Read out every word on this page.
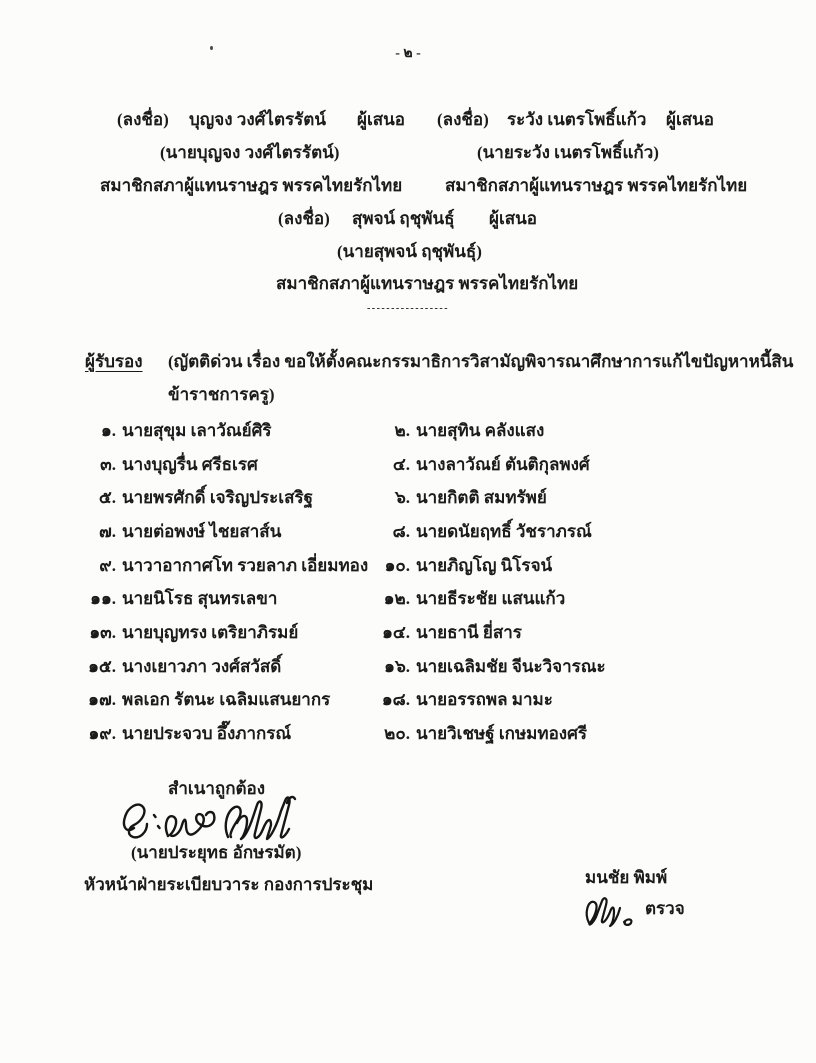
- ๒ -
(ลงชื่อ) บุญจง วงศ์ไตรรัตน์ ผู้เสนอ (ลงชื่อ) ระวัง เนตรโพธิ์แก้ว ผู้เสนอ
(นายบุญจง วงศ์ไตรรัตน์)	(นายระวัง เนตรโพธิ์แก้ว)
สมาชิกสภาผู้แทนราษฎร พรรคไทยรักไทย	สมาชิกสภาผู้แทนราษฎร พรรคไทยรักไทย
(ลงชื่อ) สุพจน์ ฤชุพันธุ์ ผู้เสนอ
(นายสุพจน์ ฤชุพันธุ์)
สมาชิกสภาผู้แทนราษฎร พรรคไทยรักไทย
-----------------
ผู้รับรอง (ญัตติด่วน เรื่อง ขอให้ตั้งคณะกรรมาธิการวิสามัญพิจารณาศึกษาการแก้ไขปัญหาหนี้สิน
ข้าราชการครู)
๑. นายสุขุม เลาวัณย์ศิริ	๒. นายสุทิน คลังแสง
๓. นางบุญรื่น ศรีธเรศ	๔. นางลาวัณย์ ตันติกุลพงศ์
๕. นายพรศักดิ์ เจริญประเสริฐ	๖. นายกิตติ สมทรัพย์
๗. นายต่อพงษ์ ไชยสาส์น	๘. นายดนัยฤทธิ์ วัชราภรณ์
๙. นาวาอากาศโท รวยลาภ เอี่ยมทอง ๑๐. นายภิญโญ นิโรจน์
๑๑. นายนิโรธ สุนทรเลขา	๑๒. นายธีระชัย แสนแก้ว
๑๓. นายบุญทรง เตริยาภิรมย์	๑๔. นายธานี ยี่สาร
๑๕. นางเยาวภา วงศ์สวัสดิ์	๑๖. นายเฉลิมชัย จีนะวิจารณะ
๑๗. พลเอก รัตนะ เฉลิมแสนยากร	๑๘. นายอรรถพล มามะ
๑๙. นายประจวบ อึ๊งภากรณ์	๒๐. นายวิเชษฐ์ เกษมทองศรี
สำเนาถูกต้อง
(นายประยุทธ อักษรมัต)
หัวหน้าฝ่ายระเบียบวาระ กองการประชุม	มนชัย พิมพ์
ตรวจ
